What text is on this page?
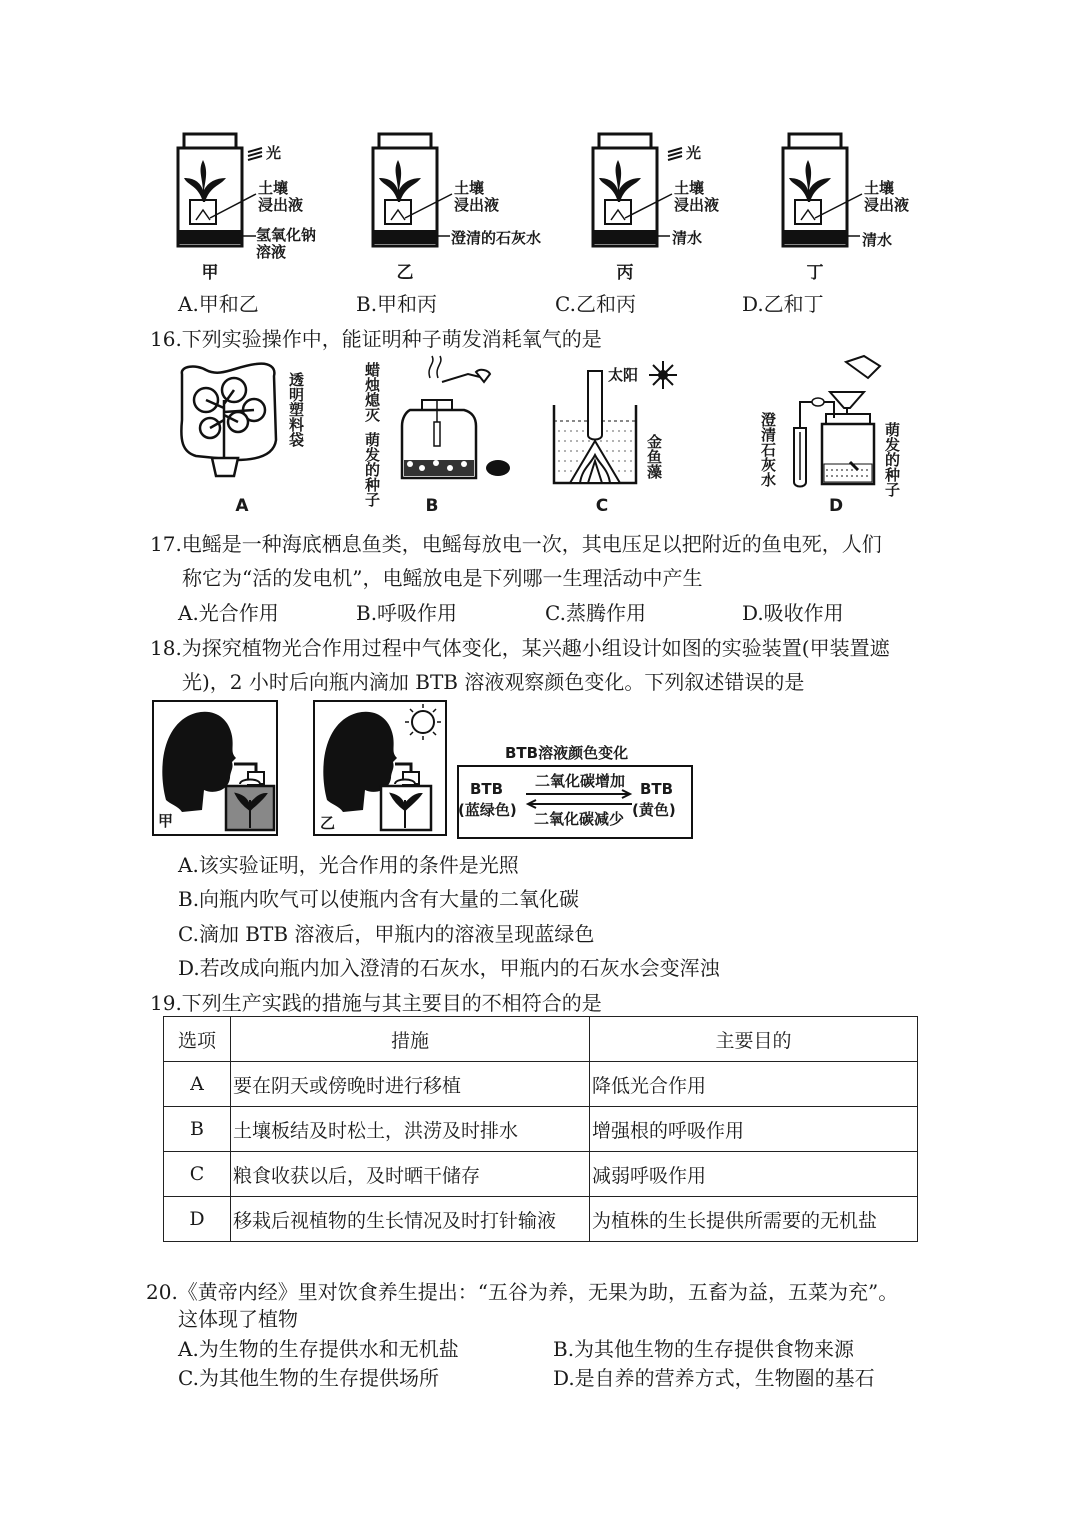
光	光
土壤
浸出液
氢氧化钠
溶液
土壤
浸出液
澄清的石灰水
土壤
浸出液
清水
土壤
浸出液
清水
甲	乙	丙	丁
A.甲和乙	B.甲和丙	C.乙和丙	D.乙和丁
16.下列实验操作中，能证明种子萌发消耗氧气的是
透明塑料袋
A
蜡烛熄灭
萌发的种子	B
太阳
金鱼藻
C
澄清石灰水	萌发的种子
D
17.电鳐是一种海底栖息鱼类，电鳐每放电一次，其电压足以把附近的鱼电死，人们
称它为“活的发电机”，电鳐放电是下列哪一生理活动中产生
A.光合作用	B.呼吸作用	C.蒸腾作用	D.吸收作用
18.为探究植物光合作用过程中气体变化，某兴趣小组设计如图的实验装置(甲装置遮
光)，2 小时后向瓶内滴加 BTB 溶液观察颜色变化。下列叙述错误的是
甲	乙
BTB溶液颜色变化
BTB
(蓝绿色)
BTB
(黄色)
二氧化碳增加
二氧化碳减少
A.该实验证明，光合作用的条件是光照
B.向瓶内吹气可以使瓶内含有大量的二氧化碳
C.滴加 BTB 溶液后，甲瓶内的溶液呈现蓝绿色
D.若改成向瓶内加入澄清的石灰水，甲瓶内的石灰水会变浑浊
19.下列生产实践的措施与其主要目的不相符合的是
选项	措施	主要目的
A	要在阴天或傍晚时进行移植	降低光合作用
B	土壤板结及时松土，洪涝及时排水	增强根的呼吸作用
C	粮食收获以后，及时晒干储存	减弱呼吸作用
D	移栽后视植物的生长情况及时打针输液	为植株的生长提供所需要的无机盐
20.《黄帝内经》里对饮食养生提出：“五谷为养，无果为助，五畜为益，五菜为充”。
这体现了植物
A.为生物的生存提供水和无机盐	B.为其他生物的生存提供食物来源
C.为其他生物的生存提供场所	D.是自养的营养方式，生物圈的基石
